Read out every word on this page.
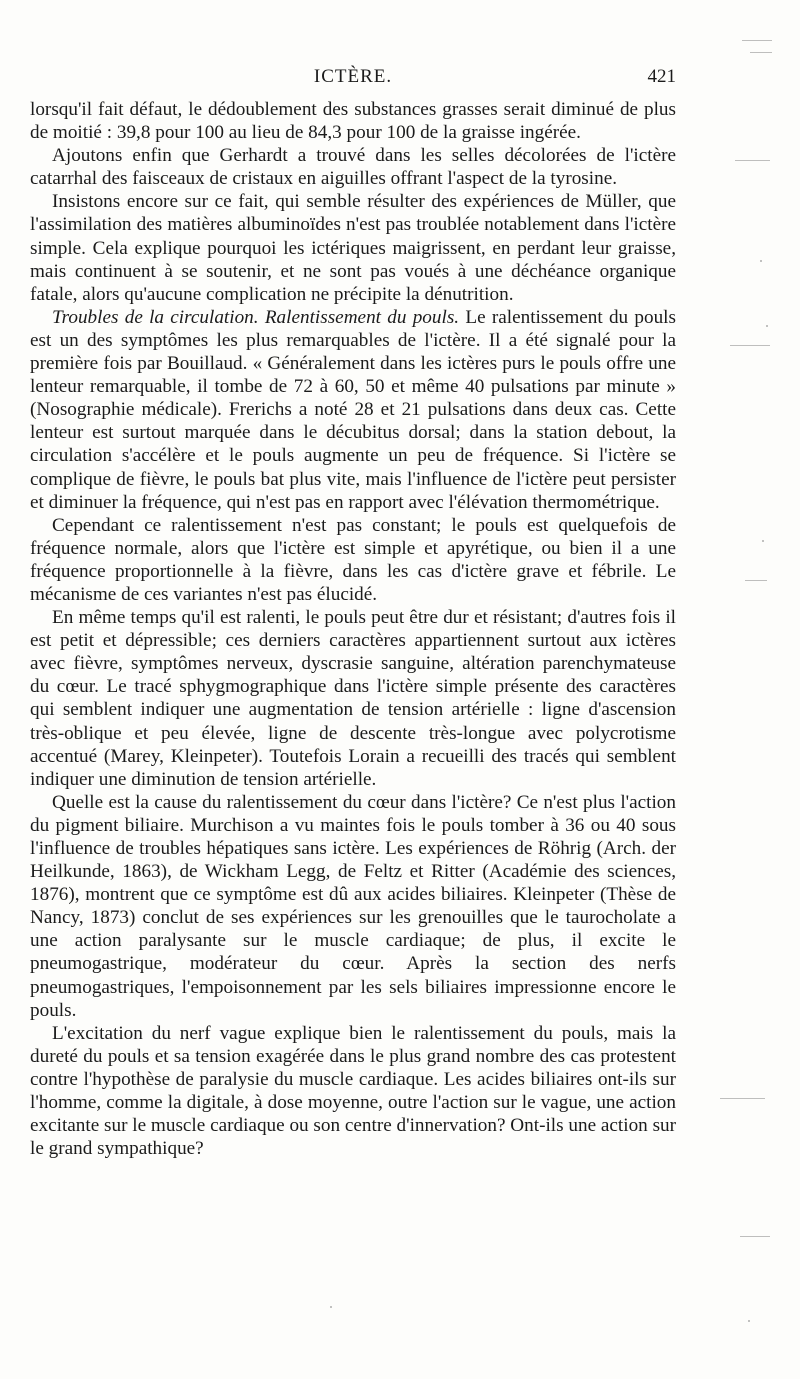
ICTÈRE.	421

lorsqu'il fait défaut, le dédoublement des substances grasses serait diminué de plus de moitié : 39,8 pour 100 au lieu de 84,3 pour 100 de la graisse ingérée.

Ajoutons enfin que Gerhardt a trouvé dans les selles décolorées de l'ictère catarrhal des faisceaux de cristaux en aiguilles offrant l'aspect de la tyrosine.

Insistons encore sur ce fait, qui semble résulter des expériences de Müller, que l'assimilation des matières albuminoïdes n'est pas troublée notablement dans l'ictère simple. Cela explique pourquoi les ictériques maigrissent, en perdant leur graisse, mais continuent à se soutenir, et ne sont pas voués à une déchéance organique fatale, alors qu'aucune complication ne précipite la dénutrition.

Troubles de la circulation. Ralentissement du pouls. Le ralentissement du pouls est un des symptômes les plus remarquables de l'ictère. Il a été signalé pour la première fois par Bouillaud. « Généralement dans les ictères purs le pouls offre une lenteur remarquable, il tombe de 72 à 60, 50 et même 40 pulsations par minute » (Nosographie médicale). Frerichs a noté 28 et 21 pulsations dans deux cas. Cette lenteur est surtout marquée dans le décubitus dorsal; dans la station debout, la circulation s'accélère et le pouls augmente un peu de fréquence. Si l'ictère se complique de fièvre, le pouls bat plus vite, mais l'influence de l'ictère peut persister et diminuer la fréquence, qui n'est pas en rapport avec l'élévation thermométrique.

Cependant ce ralentissement n'est pas constant; le pouls est quelquefois de fréquence normale, alors que l'ictère est simple et apyrétique, ou bien il a une fréquence proportionnelle à la fièvre, dans les cas d'ictère grave et fébrile. Le mécanisme de ces variantes n'est pas élucidé.

En même temps qu'il est ralenti, le pouls peut être dur et résistant; d'autres fois il est petit et dépressible; ces derniers caractères appartiennent surtout aux ictères avec fièvre, symptômes nerveux, dyscrasie sanguine, altération parenchymateuse du cœur. Le tracé sphygmographique dans l'ictère simple présente des caractères qui semblent indiquer une augmentation de tension artérielle : ligne d'ascension très-oblique et peu élevée, ligne de descente très-longue avec polycrotisme accentué (Marey, Kleinpeter). Toutefois Lorain a recueilli des tracés qui semblent indiquer une diminution de tension artérielle.

Quelle est la cause du ralentissement du cœur dans l'ictère? Ce n'est plus l'action du pigment biliaire. Murchison a vu maintes fois le pouls tomber à 36 ou 40 sous l'influence de troubles hépatiques sans ictère. Les expériences de Röhrig (Arch. der Heilkunde, 1863), de Wickham Legg, de Feltz et Ritter (Académie des sciences, 1876), montrent que ce symptôme est dû aux acides biliaires. Kleinpeter (Thèse de Nancy, 1873) conclut de ses expériences sur les grenouilles que le taurocholate a une action paralysante sur le muscle cardiaque; de plus, il excite le pneumogastrique, modérateur du cœur. Après la section des nerfs pneumogastriques, l'empoisonnement par les sels biliaires impressionne encore le pouls.

L'excitation du nerf vague explique bien le ralentissement du pouls, mais la dureté du pouls et sa tension exagérée dans le plus grand nombre des cas protestent contre l'hypothèse de paralysie du muscle cardiaque. Les acides biliaires ont-ils sur l'homme, comme la digitale, à dose moyenne, outre l'action sur le vague, une action excitante sur le muscle cardiaque ou son centre d'innervation? Ont-ils une action sur le grand sympathique?
